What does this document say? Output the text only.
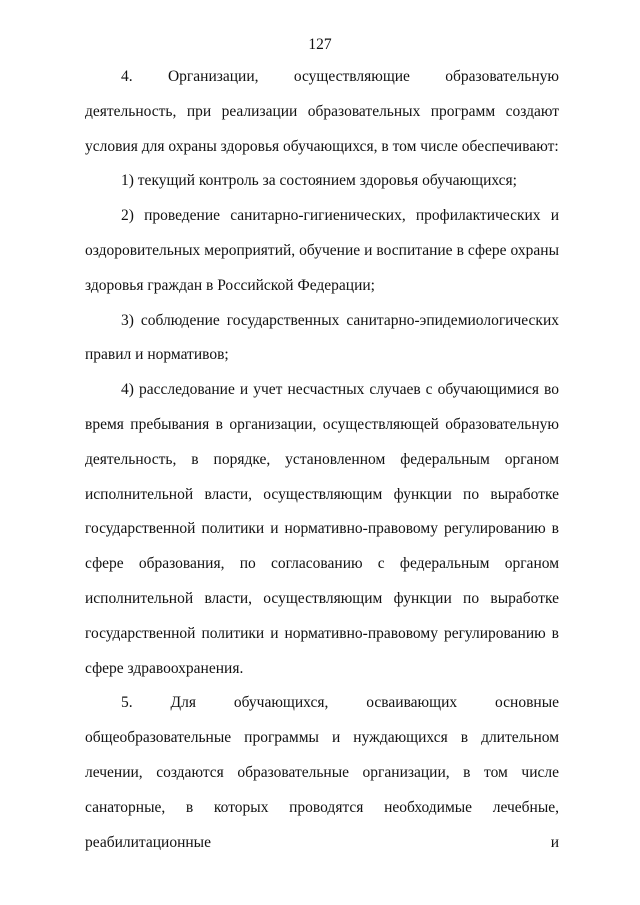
127

4. Организации, осуществляющие образовательную деятельность, при реализации образовательных программ создают условия для охраны здоровья обучающихся, в том числе обеспечивают:

1) текущий контроль за состоянием здоровья обучающихся;

2) проведение санитарно-гигиенических, профилактических и оздоровительных мероприятий, обучение и воспитание в сфере охраны здоровья граждан в Российской Федерации;

3) соблюдение государственных санитарно-эпидемиологических правил и нормативов;

4) расследование и учет несчастных случаев с обучающимися во время пребывания в организации, осуществляющей образовательную деятельность, в порядке, установленном федеральным органом исполнительной власти, осуществляющим функции по выработке государственной политики и нормативно-правовому регулированию в сфере образования, по согласованию с федеральным органом исполнительной власти, осуществляющим функции по выработке государственной политики и нормативно-правовому регулированию в сфере здравоохранения.

5. Для обучающихся, осваивающих основные общеобразовательные программы и нуждающихся в длительном лечении, создаются образовательные организации, в том числе санаторные, в которых проводятся необходимые лечебные, реабилитационные и
